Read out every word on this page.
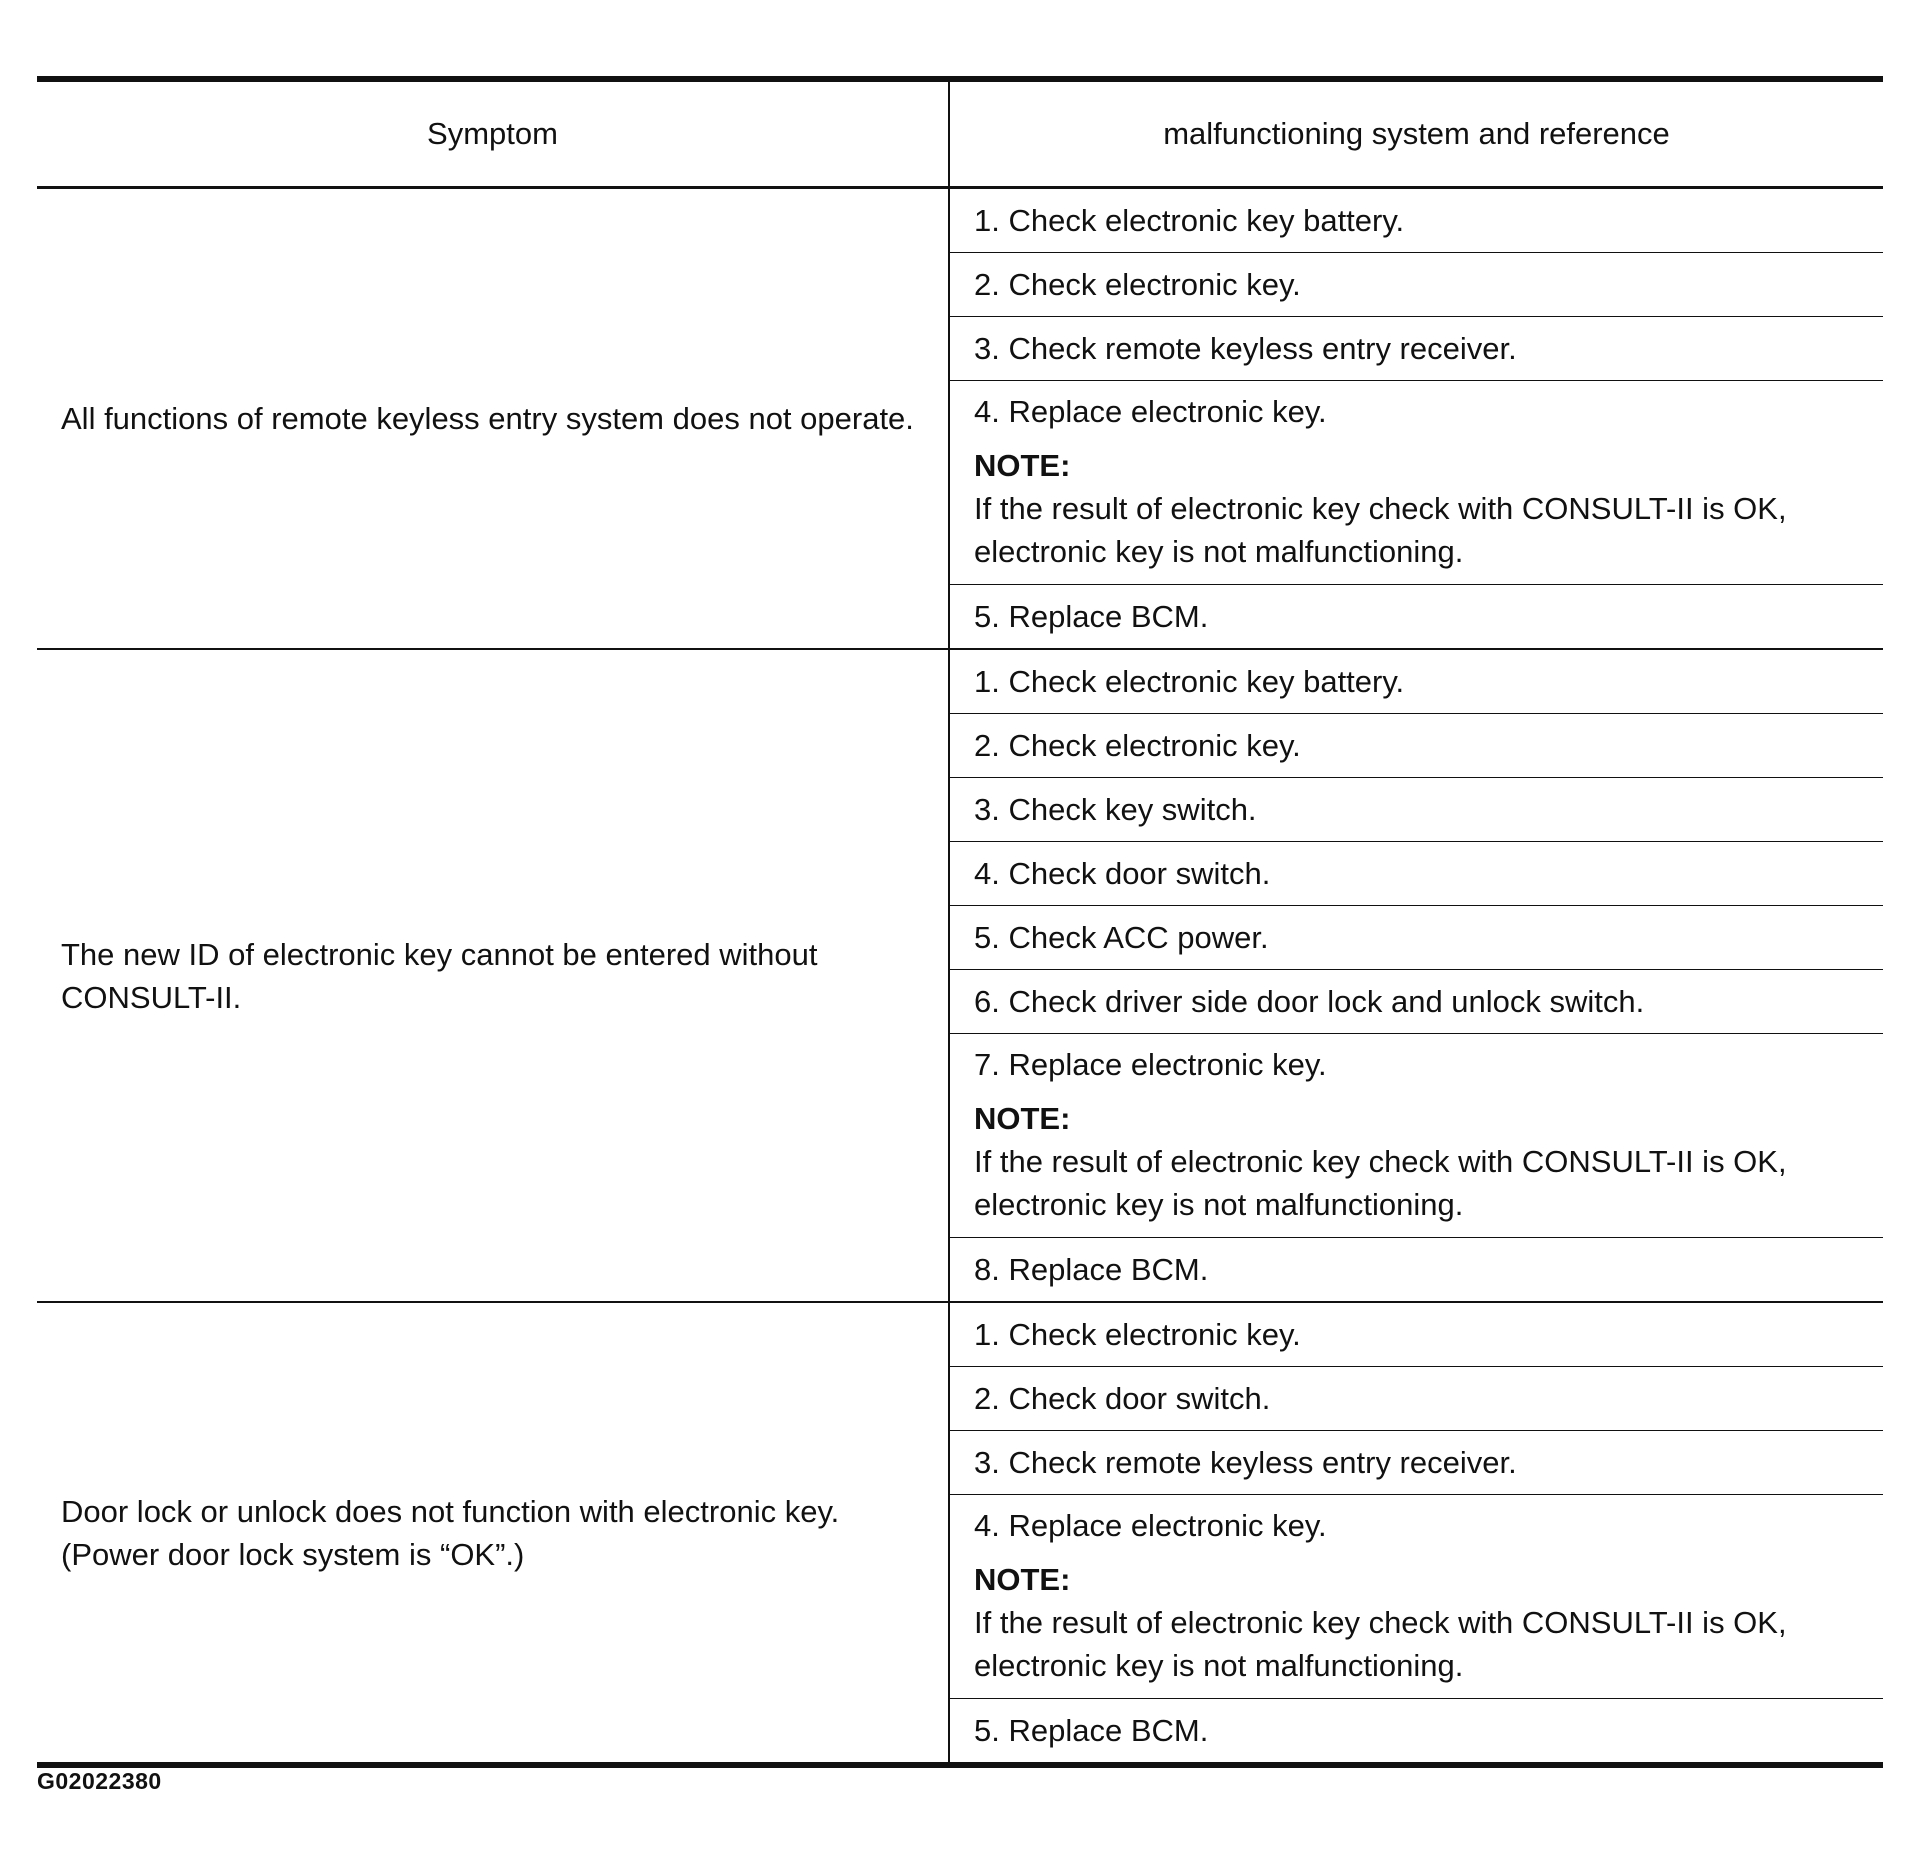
Symptom	malfunctioning system and reference
All functions of remote keyless entry system does not operate.	1. Check electronic key battery.

	2. Check electronic key.

	3. Check remote keyless entry receiver.

	4. Replace electronic key.
NOTE:
If the result of electronic key check with CONSULT-II is OK, electronic key is not malfunctioning.

	5. Replace BCM.

The new ID of electronic key cannot be entered without CONSULT-II.	1. Check electronic key battery.

	2. Check electronic key.

	3. Check key switch.

	4. Check door switch.

	5. Check ACC power.

	6. Check driver side door lock and unlock switch.

	7. Replace electronic key.
NOTE:
If the result of electronic key check with CONSULT-II is OK, electronic key is not malfunctioning.

	8. Replace BCM.

Door lock or unlock does not function with electronic key. (Power door lock system is “OK”.)	1. Check electronic key.

	2. Check door switch.

	3. Check remote keyless entry receiver.

	4. Replace electronic key.
NOTE:
If the result of electronic key check with CONSULT-II is OK, electronic key is not malfunctioning.

	5. Replace BCM.
G02022380
